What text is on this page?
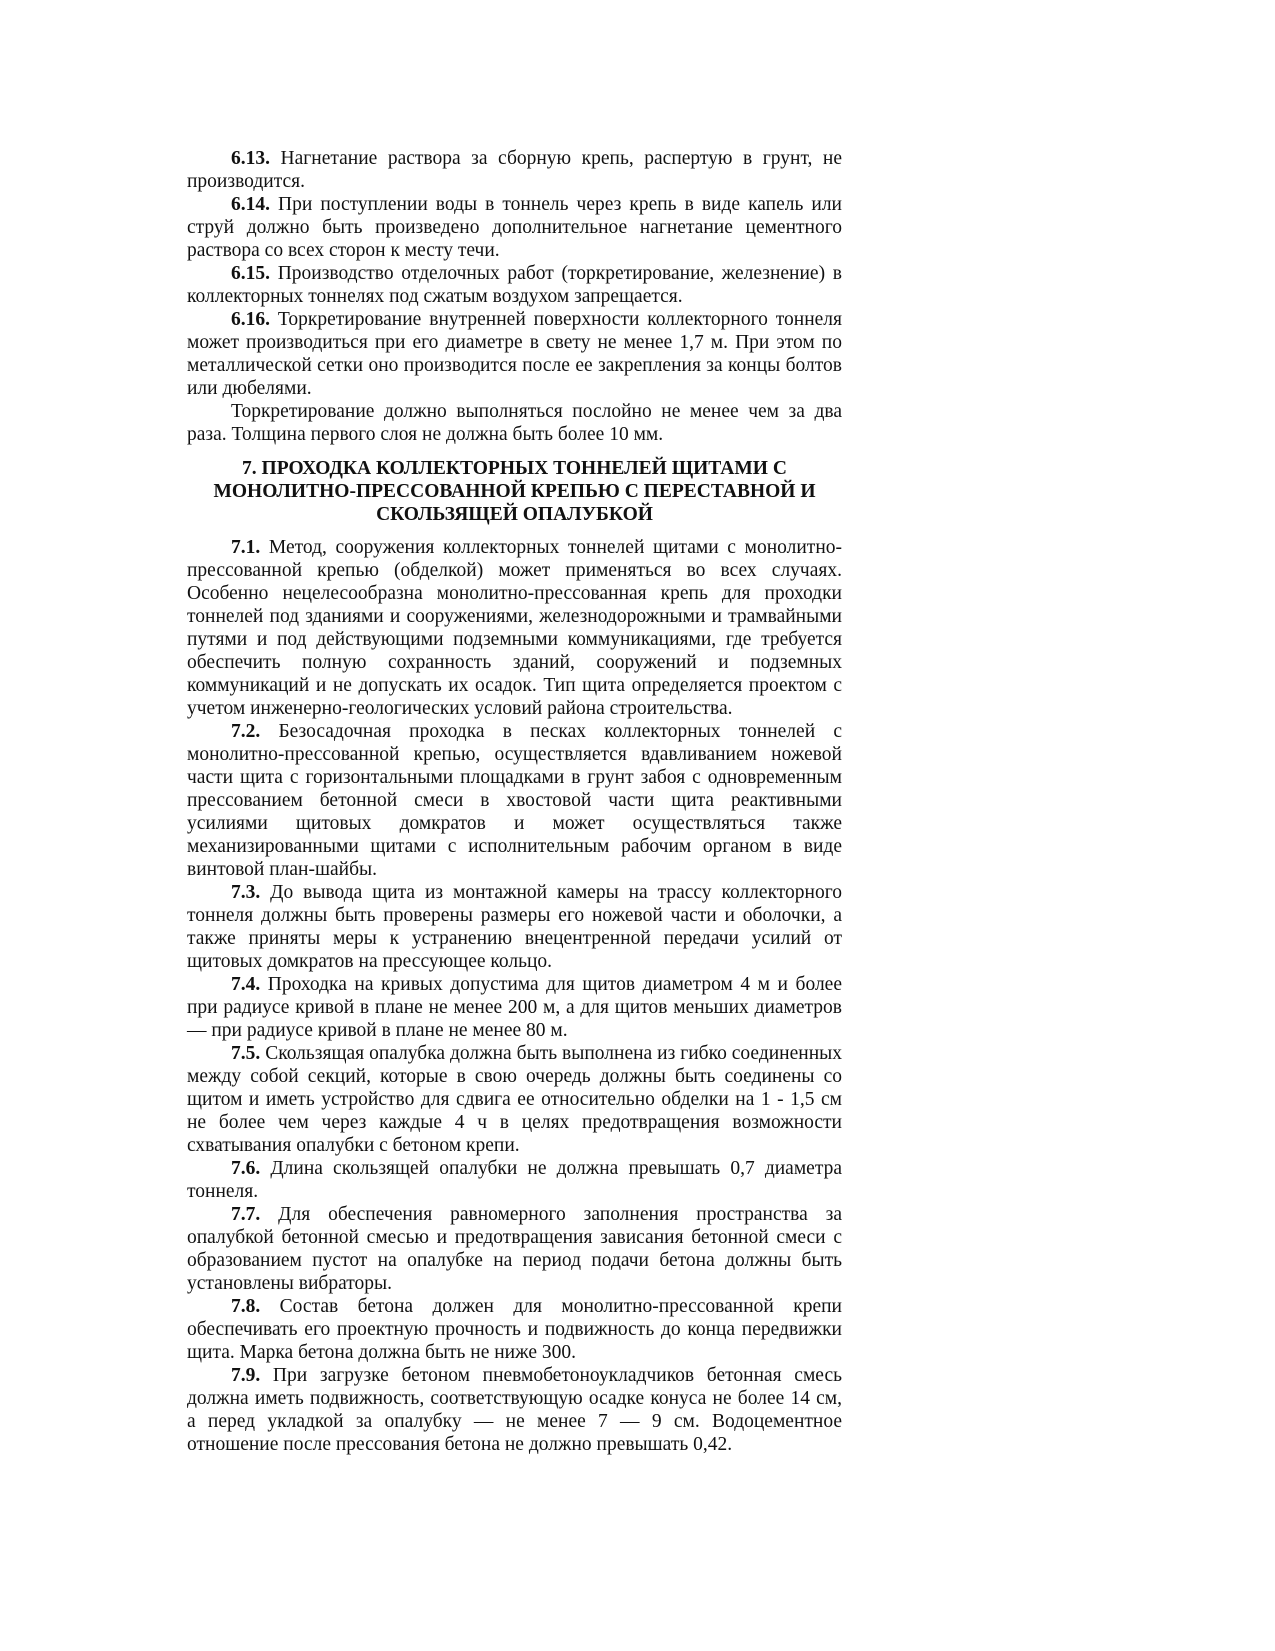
6.13. Нагнетание раствора за сборную крепь, распертую в грунт, не производится.

6.14. При поступлении воды в тоннель через крепь в виде капель или струй должно быть произведено дополнительное нагнетание цементного раствора со всех сторон к месту течи.

6.15. Производство отделочных работ (торкретирование, железнение) в коллекторных тоннелях под сжатым воздухом запрещается.

6.16. Торкретирование внутренней поверхности коллекторного тоннеля может производиться при его диаметре в свету не менее 1,7 м. При этом по металлической сетки оно производится после ее закрепления за концы болтов или дюбелями.

Торкретирование должно выполняться послойно не менее чем за два раза. Толщина первого слоя не должна быть более 10 мм.

7. ПРОХОДКА КОЛЛЕКТОРНЫХ ТОННЕЛЕЙ ЩИТАМИ С
МОНОЛИТНО-ПРЕССОВАННОЙ КРЕПЬЮ С ПЕРЕСТАВНОЙ И
СКОЛЬЗЯЩЕЙ ОПАЛУБКОЙ

7.1. Метод, сооружения коллекторных тоннелей щитами с монолитно-прессованной крепью (обделкой) может применяться во всех случаях. Особенно нецелесообразна монолитно-прессованная крепь для проходки тоннелей под зданиями и сооружениями, железнодорожными и трамвайными путями и под действующими подземными коммуникациями, где требуется обеспечить полную сохранность зданий, сооружений и подземных коммуникаций и не допускать их осадок. Тип щита определяется проектом с учетом инженерно-геологических условий района строительства.

7.2. Безосадочная проходка в песках коллекторных тоннелей с монолитно-прессованной крепью, осуществляется вдавливанием ножевой части щита с горизонтальными площадками в грунт забоя с одновременным прессованием бетонной смеси в хвостовой части щита реактивными усилиями щитовых домкратов и может осуществляться также механизированными щитами с исполнительным рабочим органом в виде винтовой план-шайбы.

7.3. До вывода щита из монтажной камеры на трассу коллекторного тоннеля должны быть проверены размеры его ножевой части и оболочки, а также приняты меры к устранению внецентренной передачи усилий от щитовых домкратов на прессующее кольцо.

7.4. Проходка на кривых допустима для щитов диаметром 4 м и более при радиусе кривой в плане не менее 200 м, а для щитов меньших диаметров — при радиусе кривой в плане не менее 80 м.

7.5. Скользящая опалубка должна быть выполнена из гибко соединенных между собой секций, которые в свою очередь должны быть соединены со щитом и иметь устройство для сдвига ее относительно обделки на 1 - 1,5 см не более чем через каждые 4 ч в целях предотвращения возможности схватывания опалубки с бетоном крепи.

7.6. Длина скользящей опалубки не должна превышать 0,7 диаметра тоннеля.

7.7. Для обеспечения равномерного заполнения пространства за опалубкой бетонной смесью и предотвращения зависания бетонной смеси с образованием пустот на опалубке на период подачи бетона должны быть установлены вибраторы.

7.8. Состав бетона должен для монолитно-прессованной крепи обеспечивать его проектную прочность и подвижность до конца передвижки щита. Марка бетона должна быть не ниже 300.

7.9. При загрузке бетоном пневмобетоноукладчиков бетонная смесь должна иметь подвижность, соответствующую осадке конуса не более 14 см, а перед укладкой за опалубку — не менее 7 — 9 см. Водоцементное отношение после прессования бетона не должно превышать 0,42.
